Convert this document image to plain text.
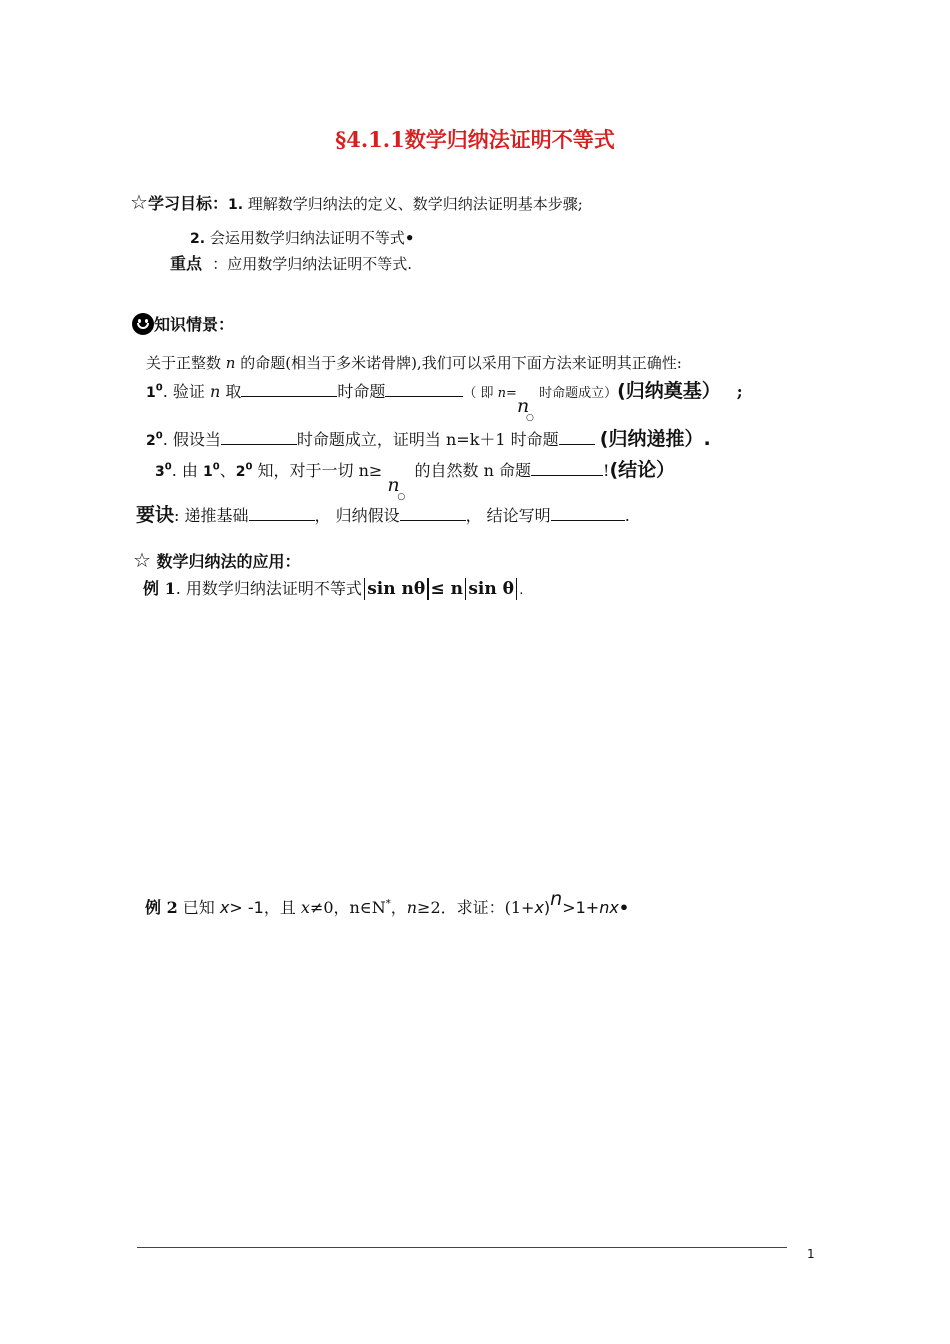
§4.1.1数学归纳法证明不等式
☆学习目标：1. 理解数学归纳法的定义、数学归纳法证明基本步骤;
2. 会运用数学归纳法证明不等式•
重点 ：应用数学归纳法证明不等式.
知识情景：
关于正整数 n 的命题(相当于多米诺骨牌),我们可以采用下面方法来证明其正确性:
$1^0$. 验证 n 取	时命题	（ 即 n=
n
○
时命题成立）(归纳奠基） ;
$2^0$. 假设当	时命题成立，证明当 n=k＋1 时命题 (归纳递推）.
$3^0$. 由 $1^0$、$2^0$ 知，对于一切 n≥
n
○
的自然数 n 命题	!(结论）
要诀: 递推基础	， 归纳假设	， 结论写明	.
☆ 数学归纳法的应用：
例 1. 用数学归纳法证明不等式 sin nθ ≤ n sin θ .
例 2 已知 x> -1，且 x≠0，n∈N*，n≥2．求证：(1+x)n>1+nx•
1
